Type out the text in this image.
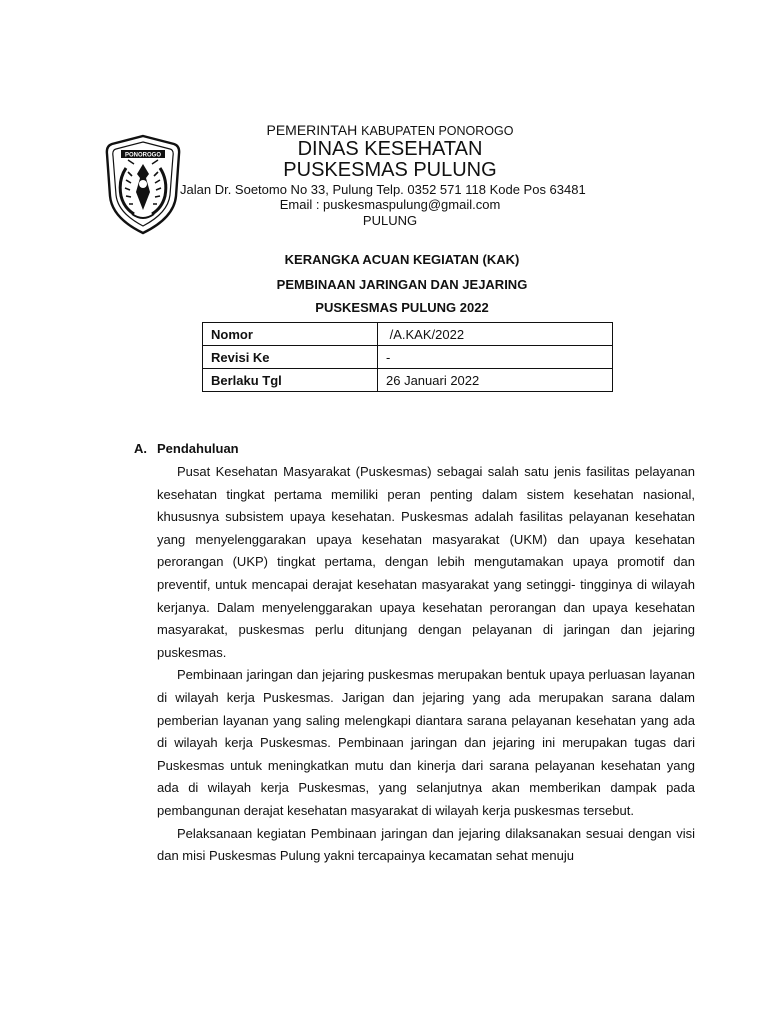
PONOROGO
PEMERINTAH KABUPATEN PONOROGO
DINAS KESEHATAN
PUSKESMAS PULUNG
Jalan Dr. Soetomo No 33, Pulung Telp. 0352 571 118 Kode Pos 63481
Email : puskesmaspulung@gmail.com
PULUNG
KERANGKA ACUAN KEGIATAN (KAK)
PEMBINAAN JARINGAN DAN JEJARING
PUSKESMAS PULUNG 2022
Nomor	/A.KAK/2022
Revisi Ke	-
Berlaku Tgl	26 Januari 2022
A. Pendahuluan

Pusat Kesehatan Masyarakat (Puskesmas) sebagai salah satu jenis fasilitas pelayanan kesehatan tingkat pertama memiliki peran penting dalam sistem kesehatan nasional, khususnya subsistem upaya kesehatan. Puskesmas adalah fasilitas pelayanan kesehatan yang menyelenggarakan upaya kesehatan masyarakat (UKM) dan upaya kesehatan perorangan (UKP) tingkat pertama, dengan lebih mengutamakan upaya promotif dan preventif, untuk mencapai derajat kesehatan masyarakat yang setinggi- tingginya di wilayah kerjanya. Dalam menyelenggarakan upaya kesehatan perorangan dan upaya kesehatan masyarakat, puskesmas perlu ditunjang dengan pelayanan di jaringan dan jejaring puskesmas.

Pembinaan jaringan dan jejaring puskesmas merupakan bentuk upaya perluasan layanan di wilayah kerja Puskesmas. Jarigan dan jejaring yang ada merupakan sarana dalam pemberian layanan yang saling melengkapi diantara sarana pelayanan kesehatan yang ada di wilayah kerja Puskesmas. Pembinaan jaringan dan jejaring ini merupakan tugas dari Puskesmas untuk meningkatkan mutu dan kinerja dari sarana pelayanan kesehatan yang ada di wilayah kerja Puskesmas, yang selanjutnya akan memberikan dampak pada pembangunan derajat kesehatan masyarakat di wilayah kerja puskesmas tersebut.

Pelaksanaan kegiatan Pembinaan jaringan dan jejaring dilaksanakan sesuai dengan visi dan misi Puskesmas Pulung yakni tercapainya kecamatan sehat menuju
